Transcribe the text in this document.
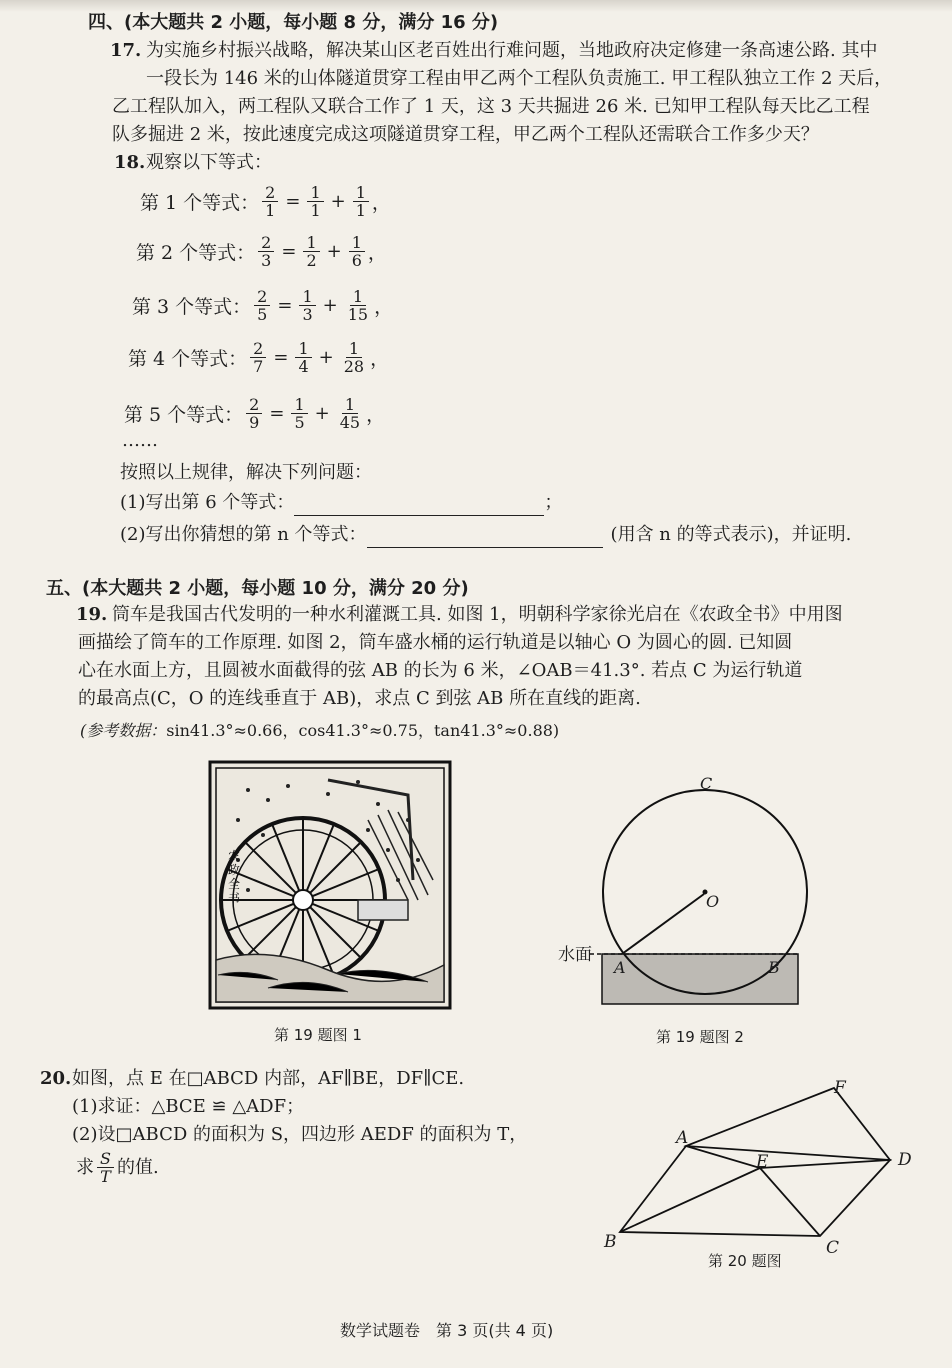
四、(本大题共 2 小题，每小题 8 分，满分 16 分)
17. 为实施乡村振兴战略，解决某山区老百姓出行难问题，当地政府决定修建一条高速公路. 其中
一段长为 146 米的山体隧道贯穿工程由甲乙两个工程队负责施工. 甲工程队独立工作 2 天后，
乙工程队加入，两工程队又联合工作了 1 天，这 3 天共掘进 26 米. 已知甲工程队每天比乙工程
队多掘进 2 米，按此速度完成这项隧道贯穿工程，甲乙两个工程队还需联合工作多少天？
18. 观察以下等式：
第 1 个等式： $\frac{2}{1} = \frac{1}{1} + \frac{1}{1}$ ，
第 2 个等式： $\frac{2}{3} = \frac{1}{2} + \frac{1}{6}$ ，
第 3 个等式： $\frac{2}{5} = \frac{1}{3} + \frac{1}{15}$ ，
第 4 个等式： $\frac{2}{7} = \frac{1}{4} + \frac{1}{28}$ ，
第 5 个等式： $\frac{2}{9} = \frac{1}{5} + \frac{1}{45}$ ，
……
按照以上规律，解决下列问题：
(1)写出第 6 个等式：	；
(2)写出你猜想的第 n 个等式：	(用含 n 的等式表示)，并证明.
五、(本大题共 2 小题，每小题 10 分，满分 20 分)
19. 筒车是我国古代发明的一种水利灌溉工具. 如图 1，明朝科学家徐光启在《农政全书》中用图
画描绘了筒车的工作原理. 如图 2，筒车盛水桶的运行轨道是以轴心 O 为圆心的圆. 已知圆
心在水面上方，且圆被水面截得的弦 AB 的长为 6 米，∠OAB＝41.3°. 若点 C 为运行轨道
的最高点(C，O 的连线垂直于 AB)，求点 C 到弦 AB 所在直线的距离.
(参考数据：sin41.3°≈0.66，cos41.3°≈0.75，tan41.3°≈0.88)
农政全书
第 19 题图 1
C
O
A	B
水面
第 19 题图 2
20. 如图，点 E 在□ABCD 内部，AF∥BE，DF∥CE.
(1)求证：△BCE ≌ △ADF；
(2)设□ABCD 的面积为 S，四边形 AEDF 的面积为 T，
求 $\frac{S}{T}$ 的值.
A
B	C
D
E
F
第 20 题图
数学试题卷　第 3 页(共 4 页)
